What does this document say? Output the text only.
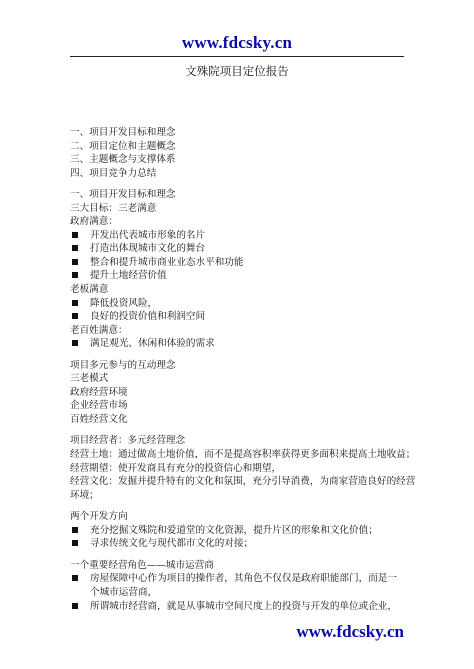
www.fdcsky.cn
文殊院项目定位报告
一、项目开发目标和理念
二、项目定位和主题概念
三、主题概念与支撑体系
四、项目竞争力总结
一、项目开发目标和理念
三大目标：三老满意
政府满意：
开发出代表城市形象的名片
打造出体现城市文化的舞台
整合和提升城市商业业态水平和功能
提升土地经营价值
老板满意
降低投资风险，
良好的投资价值和利润空间
老百姓满意：
满足观光、休闲和体验的需求
项目多元参与的互动理念
三老模式
政府经营环境
企业经营市场
百姓经营文化
项目经营者：多元经营理念
经营土地：通过做高土地价值，而不是提高容积率获得更多面积来提高土地收益；
经营期望：使开发商具有充分的投资信心和期望，
经营文化：发掘并提升特有的文化和氛围，充分引导消费，为商家营造良好的经营
环境；
两个开发方向
充分挖掘文殊院和爱道堂的文化资源，提升片区的形象和文化价值；
寻求传统文化与现代都市文化的对接；
一个重要经营角色——城市运营商
房屋保障中心作为项目的操作者，其角色不仅仅是政府职能部门，而是一
个城市运营商，
所谓城市经营商，就是从事城市空间尺度上的投资与开发的单位或企业，
www.fdcsky.cn
